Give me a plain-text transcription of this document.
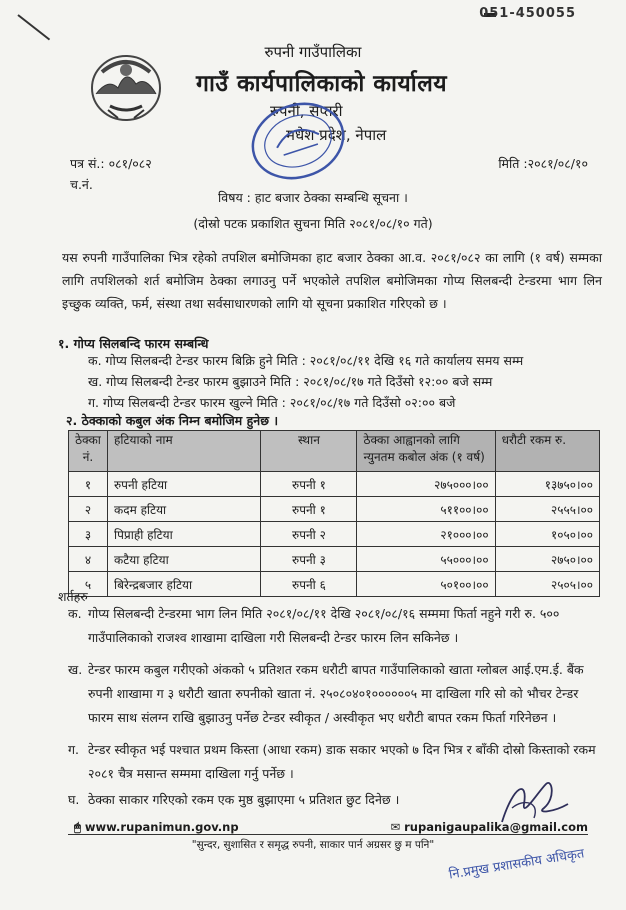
051-450055
रुपनी गाउँपालिका
गाउँ कार्यपालिकाको कार्यालय
रुपनी, सप्तरी
मधेश प्रदेश, नेपाल
पत्र सं.: ०८१/०८२
च.नं.
मिति :२०८१/०८/१०
विषय : हाट बजार ठेक्का सम्बन्धि सूचना ।
(दोस्रो पटक प्रकाशित सुचना मिति २०८१/०८/१० गते)
यस रुपनी गाउँपालिका भित्र रहेको तपशिल बमोजिमका हाट बजार ठेक्का आ.व. २०८१/०८२ का लागि (१ वर्ष) सम्मका लागि तपशिलको शर्त बमोजिम ठेक्का लगाउनु पर्ने भएकोले तपशिल बमोजिमका गोप्य सिलबन्दी टेन्डरमा भाग लिन इच्छुक व्यक्ति, फर्म, संस्था तथा सर्वसाधारणको लागि यो सूचना प्रकाशित गरिएको छ ।
१. गोप्य सिलबन्दि फारम सम्बन्धि
क. गोप्य सिलबन्दी टेन्डर फारम बिक्रि हुने मिति : २०८१/०८/११ देखि १६ गते कार्यालय समय सम्म
ख. गोप्य सिलबन्दी टेन्डर फारम बुझाउने मिति : २०८१/०८/१७ गते दिउँसो १२:०० बजे सम्म
ग. गोप्य सिलबन्दी टेन्डर फारम खुल्ने मिति : २०८१/०८/१७ गते दिउँसो ०२:०० बजे
२. ठेक्काको कबुल अंक निम्न बमोजिम हुनेछ ।
ठेक्का नं.	हटियाको नाम	स्थान	ठेक्का आह्वानको लागि न्युनतम कबोल अंक (१ वर्ष)	धरौटी रकम रु.
१	रुपनी हटिया	रुपनी १	२७५०००।००	१३७५०।००
२	कदम हटिया	रुपनी १	५११००।००	२५५५।००
३	पिप्राही हटिया	रुपनी २	२१०००।००	१०५०।००
४	कटैया हटिया	रुपनी ३	५५०००।००	२७५०।००
५	बिरेन्द्रबजार हटिया	रुपनी ६	५०१००।००	२५०५।००
शर्तहरु
क. गोप्य सिलबन्दी टेन्डरमा भाग लिन मिति २०८१/०८/११ देखि २०८१/०८/१६ सम्ममा फिर्ता नहुने गरी रु. ५०० गाउँपालिकाको राजश्व शाखामा दाखिला गरी सिलबन्दी टेन्डर फारम लिन सकिनेछ ।
ख. टेन्डर फारम कबुल गरीएको अंकको ५ प्रतिशत रकम धरौटी बापत गाउँपालिकाको खाता ग्लोबल आई.एम.ई. बैंक रुपनी शाखामा ग ३ धरौटी खाता रुपनीको खाता नं. २५०८०४०१००००००५ मा दाखिला गरि सो को भौचर टेन्डर फारम साथ संलग्न राखि बुझाउनु पर्नेछ टेन्डर स्वीकृत / अस्वीकृत भए धरौटी बापत रकम फिर्ता गरिनेछन ।
ग. टेन्डर स्वीकृत भई पश्चात प्रथम किस्ता (आधा रकम) डाक सकार भएको ७ दिन भित्र र बाँकी दोस्रो किस्ताको रकम २०८१ चैत्र मसान्त सम्ममा दाखिला गर्नु पर्नेछ ।
घ. ठेक्का साकार गरिएको रकम एक मुष्ठ बुझाएमा ५ प्रतिशत छुट दिनेछ ।
🖱 www.rupanimun.gov.np	✉ rupanigaupalika@gmail.com
"सुन्दर, सुशासित र समृद्ध रुपनी, साकार पार्न अग्रसर छु म पनि"
नि.प्रमुख प्रशासकीय अधिकृत
